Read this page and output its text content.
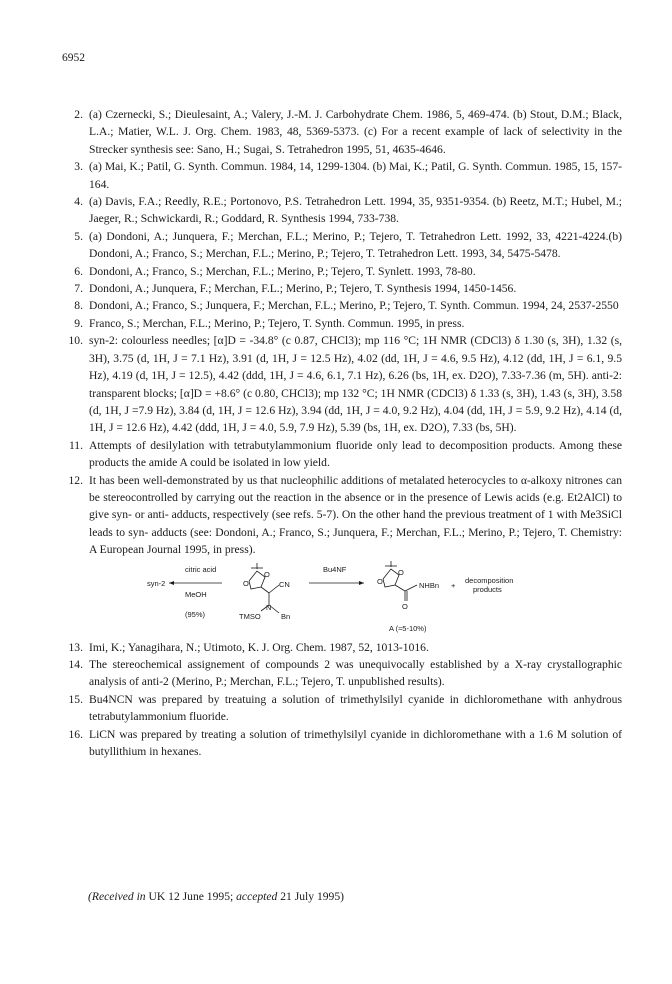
6952
2. (a) Czernecki, S.; Dieulesaint, A.; Valery, J.-M. J. Carbohydrate Chem. 1986, 5, 469-474. (b) Stout, D.M.; Black, L.A.; Matier, W.L. J. Org. Chem. 1983, 48, 5369-5373. (c) For a recent example of lack of selectivity in the Strecker synthesis see: Sano, H.; Sugai, S. Tetrahedron 1995, 51, 4635-4646.
3. (a) Mai, K.; Patil, G. Synth. Commun. 1984, 14, 1299-1304. (b) Mai, K.; Patil, G. Synth. Commun. 1985, 15, 157-164.
4. (a) Davis, F.A.; Reedly, R.E.; Portonovo, P.S. Tetrahedron Lett. 1994, 35, 9351-9354. (b) Reetz, M.T.; Hubel, M.; Jaeger, R.; Schwickardi, R.; Goddard, R. Synthesis 1994, 733-738.
5. (a) Dondoni, A.; Junquera, F.; Merchan, F.L.; Merino, P.; Tejero, T. Tetrahedron Lett. 1992, 33, 4221-4224.(b) Dondoni, A.; Franco, S.; Merchan, F.L.; Merino, P.; Tejero, T. Tetrahedron Lett. 1993, 34, 5475-5478.
6. Dondoni, A.; Franco, S.; Merchan, F.L.; Merino, P.; Tejero, T. Synlett. 1993, 78-80.
7. Dondoni, A.; Junquera, F.; Merchan, F.L.; Merino, P.; Tejero, T. Synthesis 1994, 1450-1456.
8. Dondoni, A.; Franco, S.; Junquera, F.; Merchan, F.L.; Merino, P.; Tejero, T. Synth. Commun. 1994, 24, 2537-2550
9. Franco, S.; Merchan, F.L.; Merino, P.; Tejero, T. Synth. Commun. 1995, in press.
10. syn-2: colourless needles; [α]D = -34.8° (c 0.87, CHCl3); mp 116 °C; 1H NMR (CDCl3) δ 1.30 (s, 3H), 1.32 (s, 3H), 3.75 (d, 1H, J = 7.1 Hz), 3.91 (d, 1H, J = 12.5 Hz), 4.02 (dd, 1H, J = 4.6, 9.5 Hz), 4.12 (dd, 1H, J = 6.1, 9.5 Hz), 4.19 (d, 1H, J = 12.5), 4.42 (ddd, 1H, J = 4.6, 6.1, 7.1 Hz), 6.26 (bs, 1H, ex. D2O), 7.33-7.36 (m, 5H). anti-2: transparent blocks; [α]D = +8.6° (c 0.80, CHCl3); mp 132 °C; 1H NMR (CDCl3) δ 1.33 (s, 3H), 1.43 (s, 3H), 3.58 (d, 1H, J =7.9 Hz), 3.84 (d, 1H, J = 12.6 Hz), 3.94 (dd, 1H, J = 4.0, 9.2 Hz), 4.04 (dd, 1H, J = 5.9, 9.2 Hz), 4.14 (d, 1H, J = 12.6 Hz), 4.42 (ddd, 1H, J = 4.0, 5.9, 7.9 Hz), 5.39 (bs, 1H, ex. D2O), 7.33 (bs, 5H).
11. Attempts of desilylation with tetrabutylammonium fluoride only lead to decomposition products. Among these products the amide A could be isolated in low yield.
12. It has been well-demonstrated by us that nucleophilic additions of metalated heterocycles to α-alkoxy nitrones can be stereocontrolled by carrying out the reaction in the absence or in the presence of Lewis acids (e.g. Et2AlCl) to give syn- or anti- adducts, respectively (see refs. 5-7). On the other hand the previous treatment of 1 with Me3SiCl leads to syn- adducts (see: Dondoni, A.; Franco, S.; Junquera, F.; Merchan, F.L.; Merino, P.; Tejero, T. Chemistry: A European Journal 1995, in press).
syn-2
citric acid
MeOH
(95%)
O
O	CN
N
TMSO	Bn
Bu4NF	O
O
O
NHBn +
decomposition
products
A (≈5-10%)
13. Imi, K.; Yanagihara, N.; Utimoto, K. J. Org. Chem. 1987, 52, 1013-1016.
14. The stereochemical assignement of compounds 2 was unequivocally established by a X-ray crystallographic analysis of anti-2 (Merino, P.; Merchan, F.L.; Tejero, T. unpublished results).
15. Bu4NCN was prepared by treatuing a solution of trimethylsilyl cyanide in dichloromethane with anhydrous tetrabutylammonium fluoride.
16. LiCN was prepared by treating a solution of trimethylsilyl cyanide in dichloromethane with a 1.6 M solution of butyllithium in hexanes.
(Received in UK 12 June 1995; accepted 21 July 1995)
